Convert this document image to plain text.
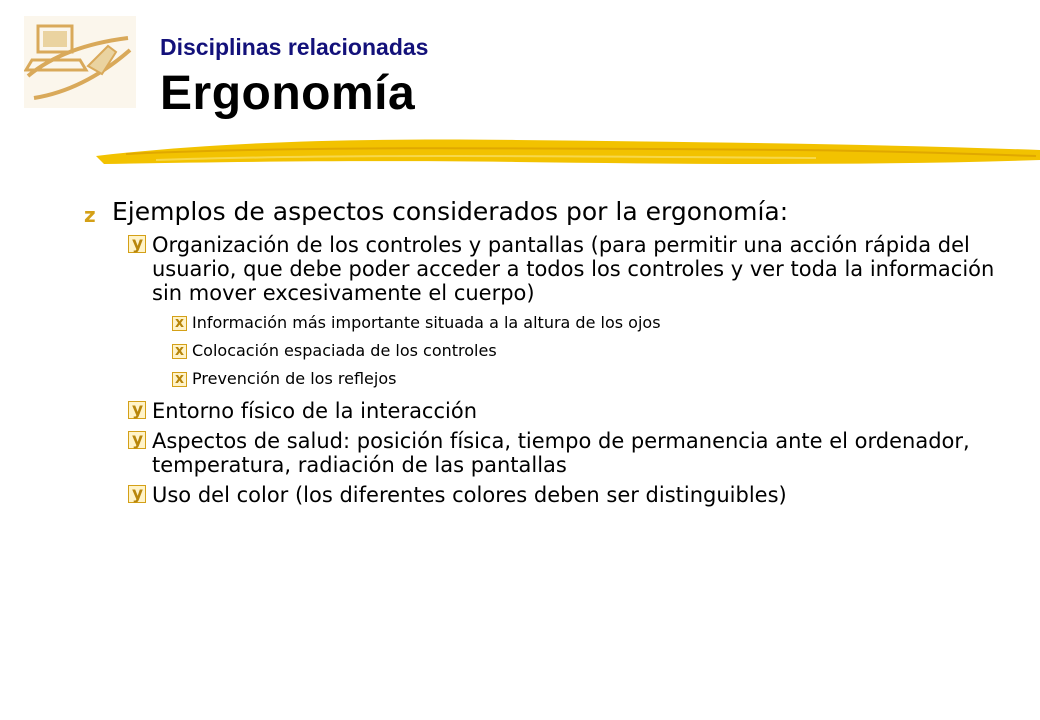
Disciplinas relacionadas
Ergonomía
z Ejemplos de aspectos considerados por la ergonomía:
y
Organización de los controles y pantallas (para permitir una acción rápida del usuario, que debe poder acceder a todos los controles y ver toda la información sin mover excesivamente el cuerpo)
x
Información más importante situada a la altura de los ojos
x
Colocación espaciada de los controles
x
Prevención de los reflejos
y
Entorno físico de la interacción
y
Aspectos de salud: posición física, tiempo de permanencia ante el ordenador, temperatura, radiación de las pantallas
y
Uso del color (los diferentes colores deben ser distinguibles)
